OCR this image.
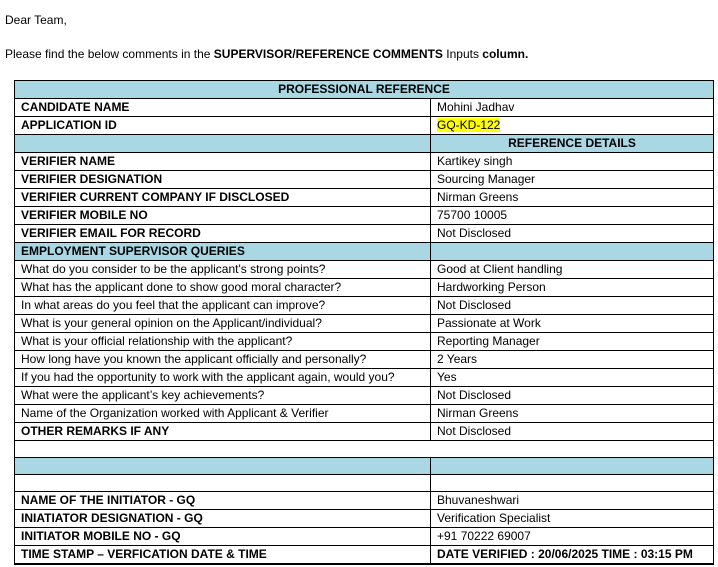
Dear Team,
Please find the below comments in the SUPERVISOR/REFERENCE COMMENTS Inputs column.
PROFESSIONAL REFERENCE	
CANDIDATE NAME	Mohini Jadhav
APPLICATION ID	GQ-KD-122
	REFERENCE DETAILS
VERIFIER NAME	Kartikey singh
VERIFIER DESIGNATION	Sourcing Manager
VERIFIER CURRENT COMPANY IF DISCLOSED	Nirman Greens
VERIFIER MOBILE NO	75700 10005
VERIFIER EMAIL FOR RECORD	Not Disclosed
EMPLOYMENT SUPERVISOR QUERIES	
What do you consider to be the applicant's strong points?	Good at Client handling
What has the applicant done to show good moral character?	Hardworking Person
In what areas do you feel that the applicant can improve?	Not Disclosed
What is your general opinion on the Applicant/individual?	Passionate at Work
What is your official relationship with the applicant?	Reporting Manager
How long have you known the applicant officially and personally?	2 Years
If you had the opportunity to work with the applicant again, would you?	Yes
What were the applicant’s key achievements?	Not Disclosed
Name of the Organization worked with Applicant & Verifier	Nirman Greens
OTHER REMARKS IF ANY	Not Disclosed

NAME OF THE INITIATOR - GQ	Bhuvaneshwari
INIATIATOR DESIGNATION - GQ	Verification Specialist
INITIATOR MOBILE NO - GQ	+91 70222 69007
TIME STAMP – VERFICATION DATE & TIME	DATE VERIFIED : 20/06/2025 TIME : 03:15 PM
